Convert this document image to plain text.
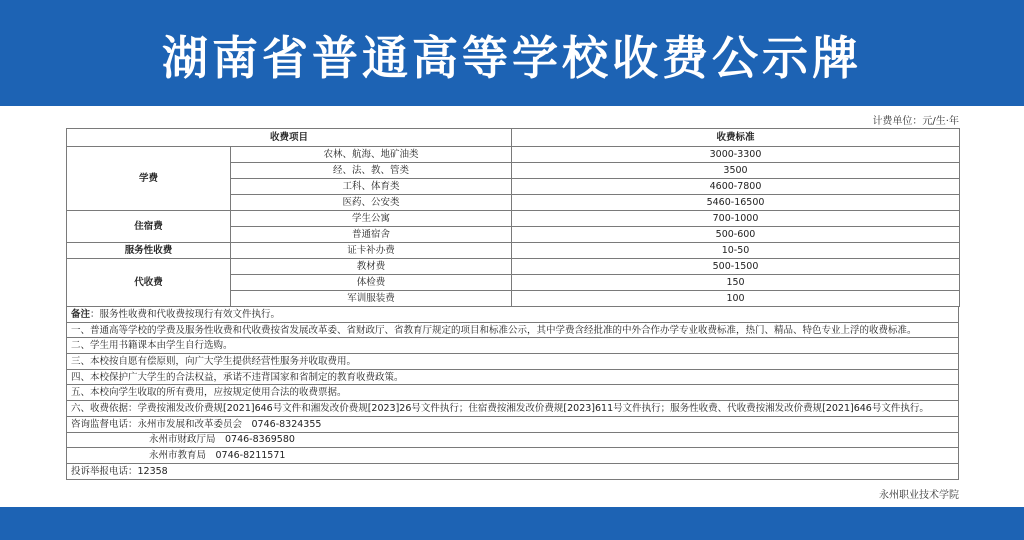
湖南省普通高等学校收费公示牌
计费单位：元/生·年
收费项目		收费标准
学费	农林、航海、地矿油类	3000-3300
	经、法、教、管类	3500
	工科、体育类	4600-7800
	医药、公安类	5460-16500
住宿费	学生公寓	700-1000
	普通宿舍	500-600
服务性收费	证卡补办费	10-50
代收费	教材费	500-1500
	体检费	150
	军训服装费	100
备注：服务性收费和代收费按现行有效文件执行。
一、普通高等学校的学费及服务性收费和代收费按省发展改革委、省财政厅、省教育厅规定的项目和标准公示，其中学费含经批准的中外合作办学专业收费标准，热门、精品、特色专业上浮的收费标准。
二、学生用书籍课本由学生自行选购。
三、本校按自愿有偿原则，向广大学生提供经营性服务并收取费用。
四、本校保护广大学生的合法权益，承诺不违背国家和省制定的教育收费政策。
五、本校向学生收取的所有费用，应按规定使用合法的收费票据。
六、收费依据：学费按湘发改价费规[2021]646号文件和湘发改价费规[2023]26号文件执行；住宿费按湘发改价费规[2023]611号文件执行；服务性收费、代收费按湘发改价费规[2021]646号文件执行。
咨询监督电话：永州市发展和改革委员会　0746-8324355
永州市财政厅局　0746-8369580
永州市教育局　0746-8211571
投诉举报电话：12358
永州职业技术学院
